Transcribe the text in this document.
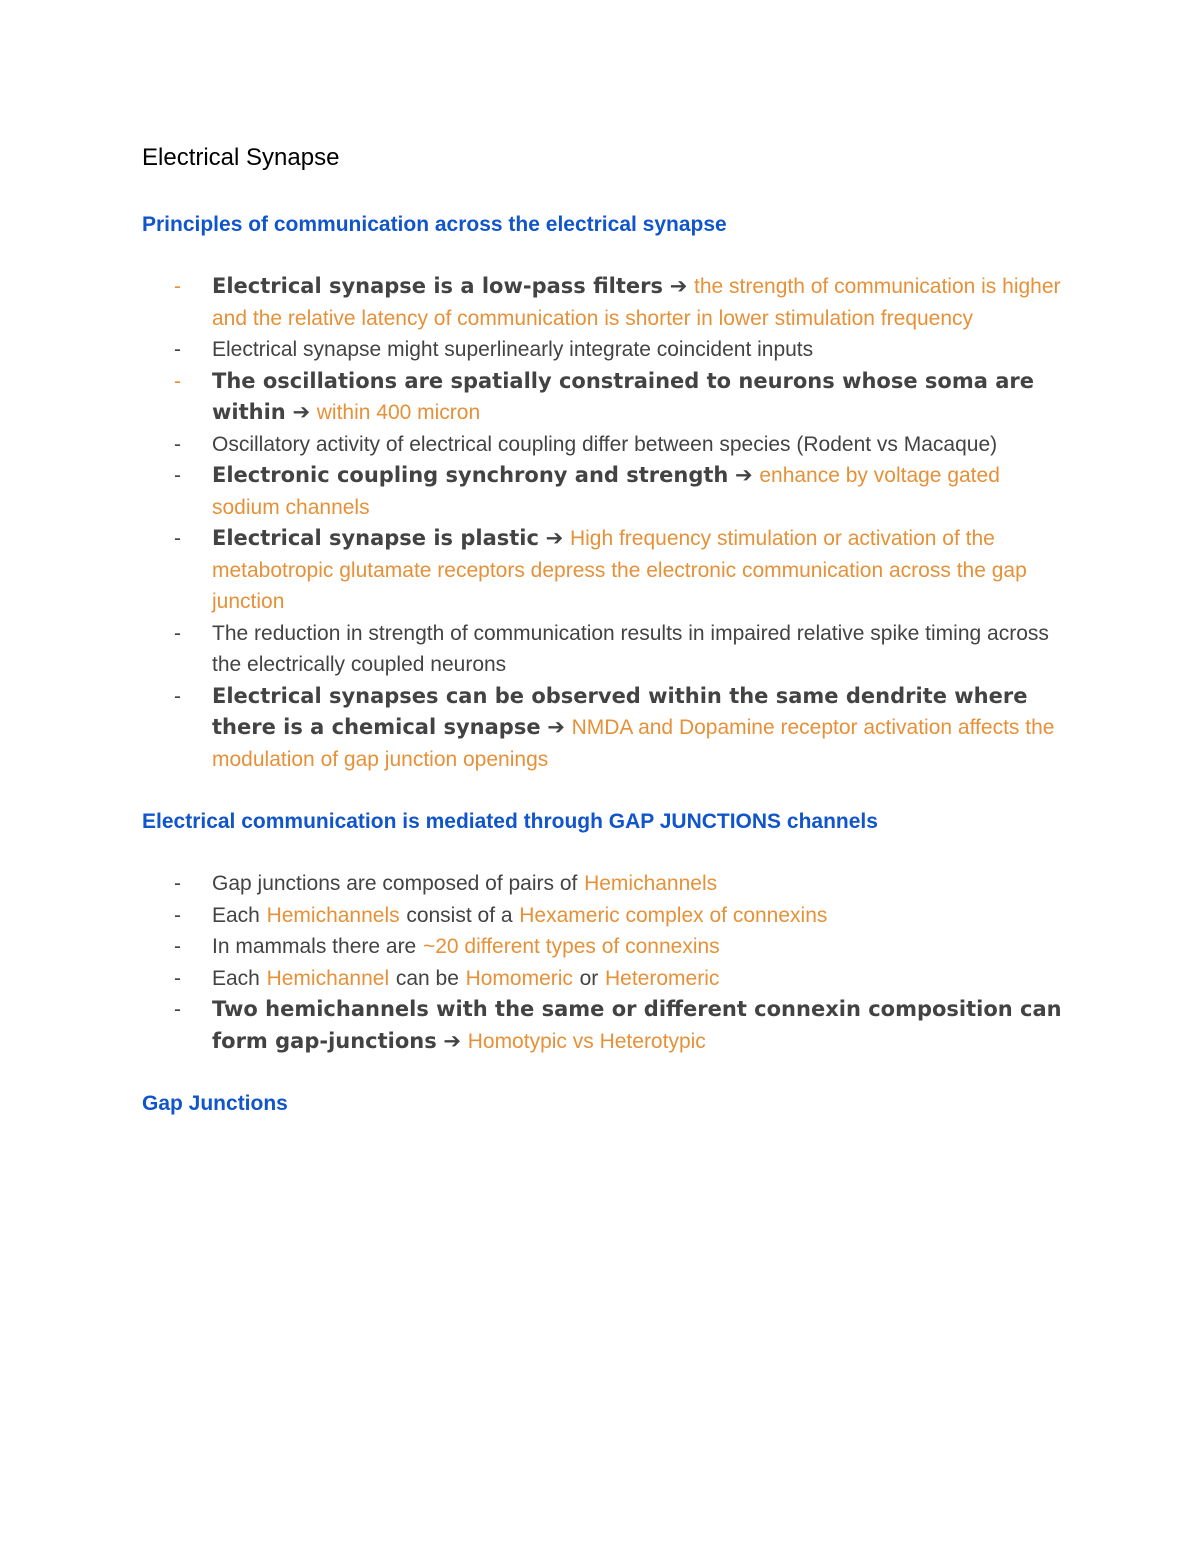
Electrical Synapse
Principles of communication across the electrical synapse
- Electrical synapse is a low-pass filters ➔ the strength of communication is higher and the relative latency of communication is shorter in lower stimulation frequency
- Electrical synapse might superlinearly integrate coincident inputs
- The oscillations are spatially constrained to neurons whose soma are within ➔ within 400 micron
- Oscillatory activity of electrical coupling differ between species (Rodent vs Macaque)
- Electronic coupling synchrony and strength ➔ enhance by voltage gated sodium channels
- Electrical synapse is plastic ➔ High frequency stimulation or activation of the metabotropic glutamate receptors depress the electronic communication across the gap junction
- The reduction in strength of communication results in impaired relative spike timing across the electrically coupled neurons
- Electrical synapses can be observed within the same dendrite where there is a chemical synapse ➔ NMDA and Dopamine receptor activation affects the modulation of gap junction openings
Electrical communication is mediated through GAP JUNCTIONS channels
- Gap junctions are composed of pairs of Hemichannels
- Each Hemichannels consist of a Hexameric complex of connexins
- In mammals there are ~20 different types of connexins
- Each Hemichannel can be Homomeric or Heteromeric
- Two hemichannels with the same or different connexin composition can form gap-junctions ➔ Homotypic vs Heterotypic
Gap Junctions
